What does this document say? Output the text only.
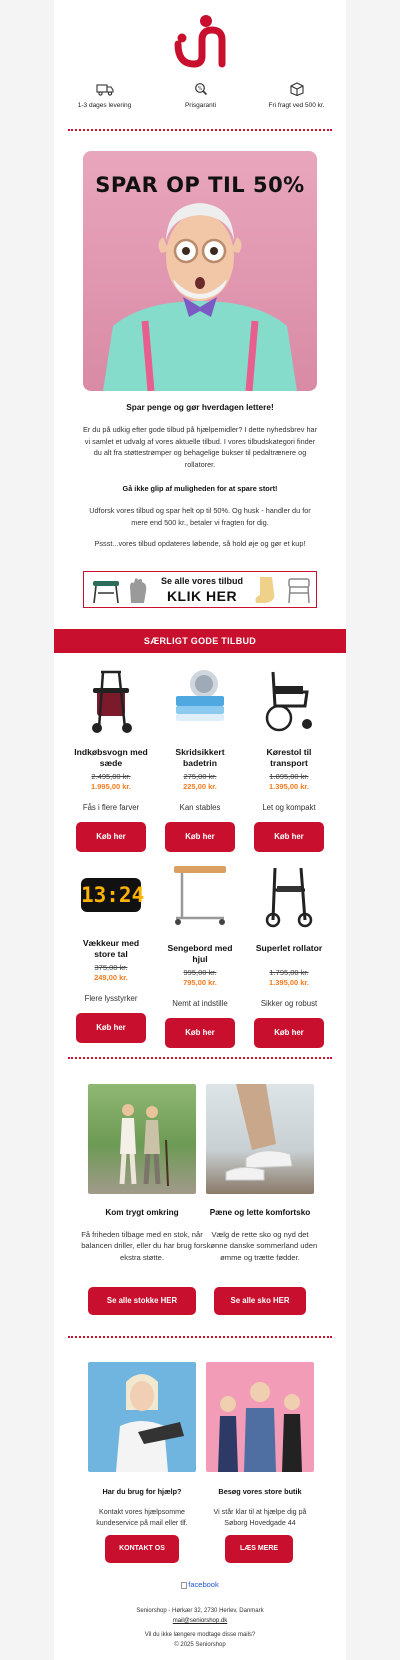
1-3 dages levering
%
Prisgaranti	Fri fragt ved 500 kr.
SPAR OP TIL 50%
Spar penge og gør hverdagen lettere!
Er du på udkig efter gode tilbud på hjælpemidler? I dette nyhedsbrev har vi samlet et udvalg af vores aktuelle tilbud. I vores tilbudskategori finder du alt fra støttestrømper og behagelige bukser til pedaltrænere og rollatorer.
Gå ikke glip af muligheden for at spare stort!
Udforsk vores tilbud og spar helt op til 50%. Og husk - handler du for mere end 500 kr., betaler vi fragten for dig.
Pssst...vores tilbud opdateres løbende, så hold øje og gør et kup!
Se alle vores tilbud
KLIK HER
SÆRLIGT GODE TILBUD
Indkøbsvogn med sæde
2.495,00 kr.
1.995,00 kr.
Fås i flere farver
Køb her
Skridsikkert badetrin
275,00 kr.
225,00 kr.
Kan stables
Køb her
Kørestol til transport
1.895,00 kr.
1.395,00 kr.
Let og kompakt
Køb her
13:24
Vækkeur med store tal
375,00 kr.
249,00 kr.
Flere lysstyrker
Køb her
Sengebord med hjul
995,00 kr.
795,00 kr.
Nemt at indstille
Køb her
Superlet rollator
1.795,00 kr.
1.395,00 kr.
Sikker og robust
Køb her
Kom trygt omkring
Få friheden tilbage med en stok, når balancen driller, eller du har brug for ekstra støtte.
Se alle stokke HER
Pæne og lette komfortsko
Vælg de rette sko og nyd det skønne danske sommerland uden ømme og trætte fødder.
Se alle sko HER
Har du brug for hjælp?
Kontakt vores hjælpsomme kundeservice på mail eller tlf.
KONTAKT OS
Besøg vores store butik
Vi står klar til at hjælpe dig på Søborg Hovedgade 44
LÆS MERE
facebook
Seniorshop - Hørkær 32, 2730 Herlev, Danmark
mail@seniorshop.dk
Vil du ikke længere modtage disse mails?
© 2025 Seniorshop
